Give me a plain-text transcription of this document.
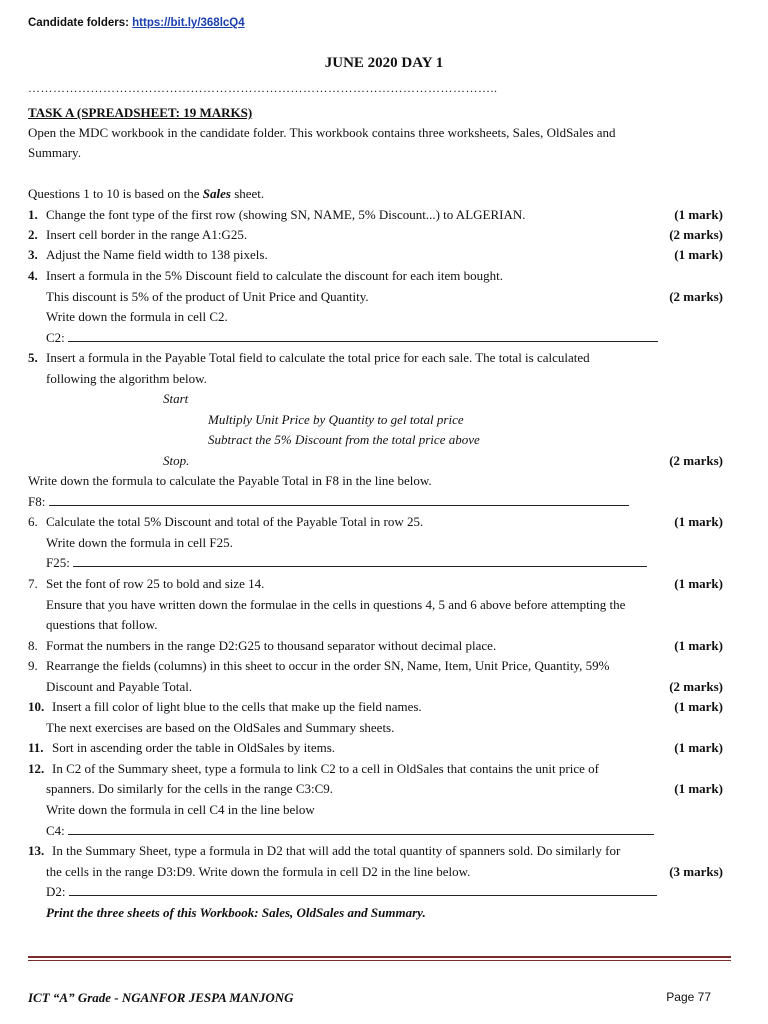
Candidate folders: https://bit.ly/368lcQ4
JUNE 2020 DAY 1
…………………………………………………………………………………………………..
TASK A (SPREADSHEET: 19 MARKS)
Open the MDC workbook in the candidate folder. This workbook contains three worksheets, Sales, OldSales and
Summary.
Questions 1 to 10 is based on the Sales sheet.
1. Change the font type of the first row (showing SN, NAME, 5% Discount...) to ALGERIAN.	(1 mark)
2. Insert cell border in the range A1:G25.	(2 marks)
3. Adjust the Name field width to 138 pixels.	(1 mark)
4. Insert a formula in the 5% Discount field to calculate the discount for each item bought.
This discount is 5% of the product of Unit Price and Quantity.	(2 marks)
Write down the formula in cell C2.
C2:
5. Insert a formula in the Payable Total field to calculate the total price for each sale. The total is calculated
following the algorithm below.
Start
Multiply Unit Price by Quantity to gel total price
Subtract the 5% Discount from the total price above
Stop.	(2 marks)
Write down the formula to calculate the Payable Total in F8 in the line below.
F8:
6. Calculate the total 5% Discount and total of the Payable Total in row 25.	(1 mark)
Write down the formula in cell F25.
F25:
7. Set the font of row 25 to bold and size 14.	(1 mark)
Ensure that you have written down the formulae in the cells in questions 4, 5 and 6 above before attempting the
questions that follow.
8. Format the numbers in the range D2:G25 to thousand separator without decimal place.	(1 mark)
9. Rearrange the fields (columns) in this sheet to occur in the order SN, Name, Item, Unit Price, Quantity, 59%
Discount and Payable Total.	(2 marks)
10. Insert a fill color of light blue to the cells that make up the field names.	(1 mark)
The next exercises are based on the OldSales and Summary sheets.
11. Sort in ascending order the table in OldSales by items.	(1 mark)
12. In C2 of the Summary sheet, type a formula to link C2 to a cell in OldSales that contains the unit price of
spanners. Do similarly for the cells in the range C3:C9.	(1 mark)
Write down the formula in cell C4 in the line below
C4:
13. In the Summary Sheet, type a formula in D2 that will add the total quantity of spanners sold. Do similarly for
the cells in the range D3:D9. Write down the formula in cell D2 in the line below.	(3 marks)
D2:
Print the three sheets of this Workbook: Sales, OldSales and Summary.
ICT “A” Grade - NGANFOR JESPA MANJONG	Page 77
